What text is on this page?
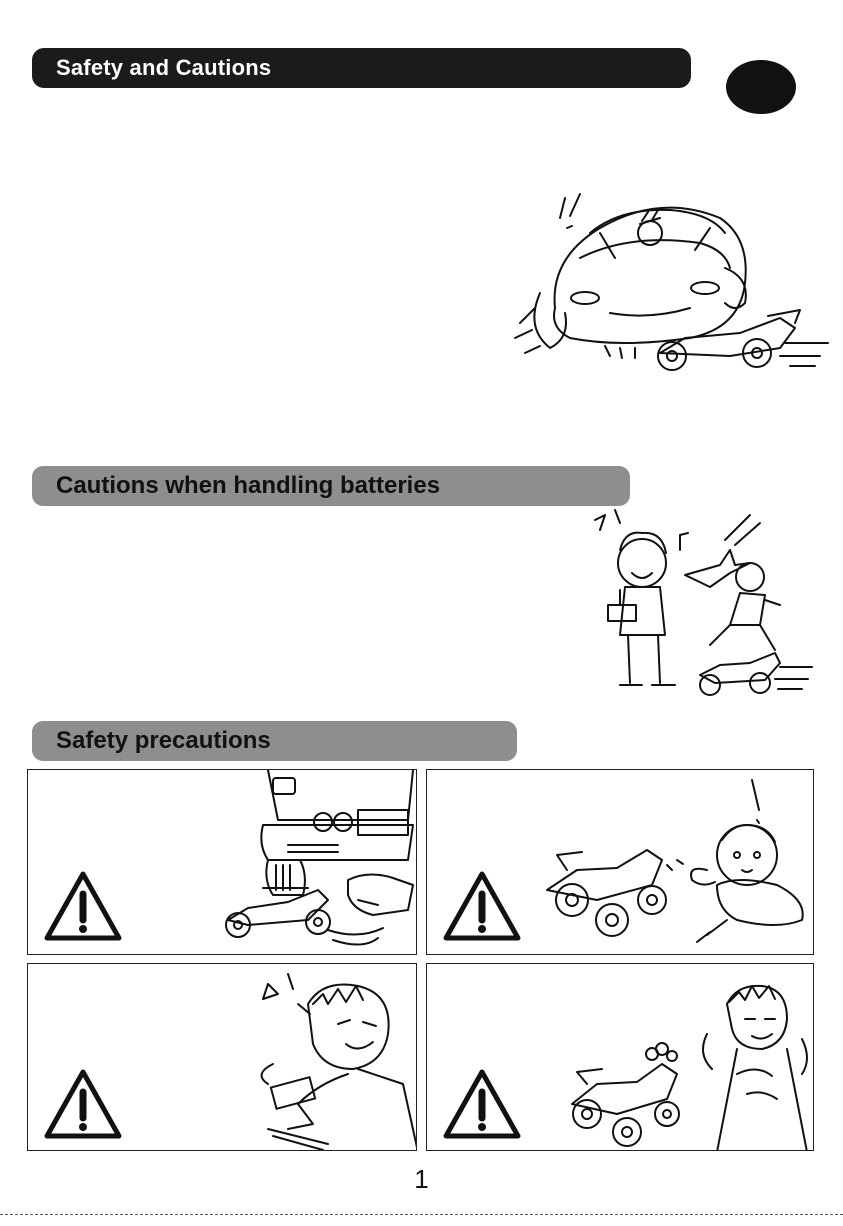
Safety and Cautions
Cautions when handling batteries
Safety precautions
1
